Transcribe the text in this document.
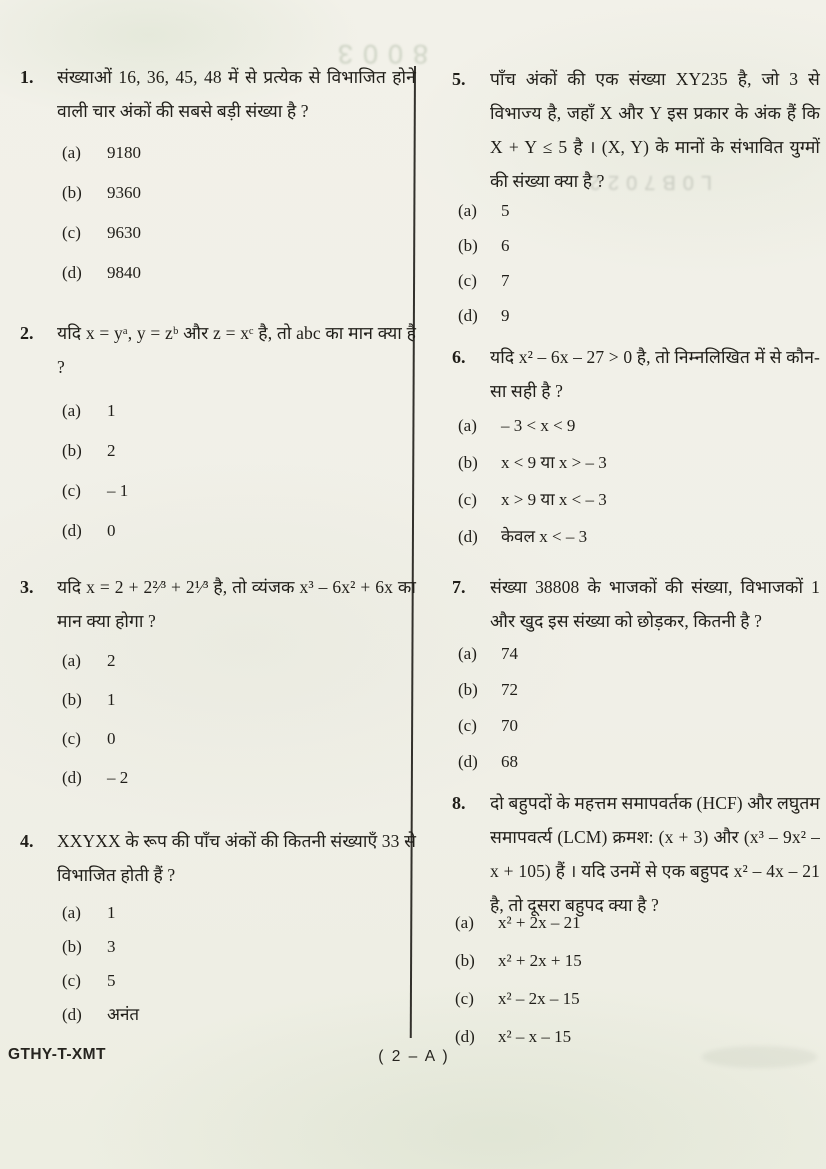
8003
L0B7022
1.	संख्याओं 16, 36, 45, 48 में से प्रत्येक से विभाजित होने वाली चार अंकों की सबसे बड़ी संख्या है ?
(a)	9180
(b)	9360
(c)	9630
(d)	9840
2.	यदि x = yᵃ, y = zᵇ और z = xᶜ है, तो abc का मान क्या है ?
(a)	1
(b)	2
(c)	– 1
(d)	0
3.	यदि x = 2 + 2²⁄³ + 2¹⁄³ है, तो व्यंजक x³ – 6x² + 6x का मान क्या होगा ?
(a)	2
(b)	1
(c)	0
(d)	– 2
4.	XXYXX के रूप की पाँच अंकों की कितनी संख्याएँ 33 से विभाजित होती हैं ?
(a)	1
(b)	3
(c)	5
(d)	अनंत
5.	पाँच अंकों की एक संख्या XY235 है, जो 3 से विभाज्य है, जहाँ X और Y इस प्रकार के अंक हैं कि X + Y ≤ 5 है । (X, Y) के मानों के संभावित युग्मों की संख्या क्या है ?
(a)	5
(b)	6
(c)	7
(d)	9
6.	यदि x² – 6x – 27 > 0 है, तो निम्नलिखित में से कौन-सा सही है ?
(a)	– 3 < x < 9
(b)	x < 9 या x > – 3
(c)	x > 9 या x < – 3
(d)	केवल x < – 3
7.	संख्या 38808 के भाजकों की संख्या, विभाजकों 1 और खुद इस संख्या को छोड़कर, कितनी है ?
(a)	74
(b)	72
(c)	70
(d)	68
8.	दो बहुपदों के महत्तम समापवर्तक (HCF) और लघुतम समापवर्त्य (LCM) क्रमश: (x + 3) और (x³ – 9x² – x + 105) हैं । यदि उनमें से एक बहुपद x² – 4x – 21 है, तो दूसरा बहुपद क्या है ?
(a)	x² + 2x – 21
(b)	x² + 2x + 15
(c)	x² – 2x – 15
(d)	x² – x – 15
GTHY-T-XMT	( 2 – A )
